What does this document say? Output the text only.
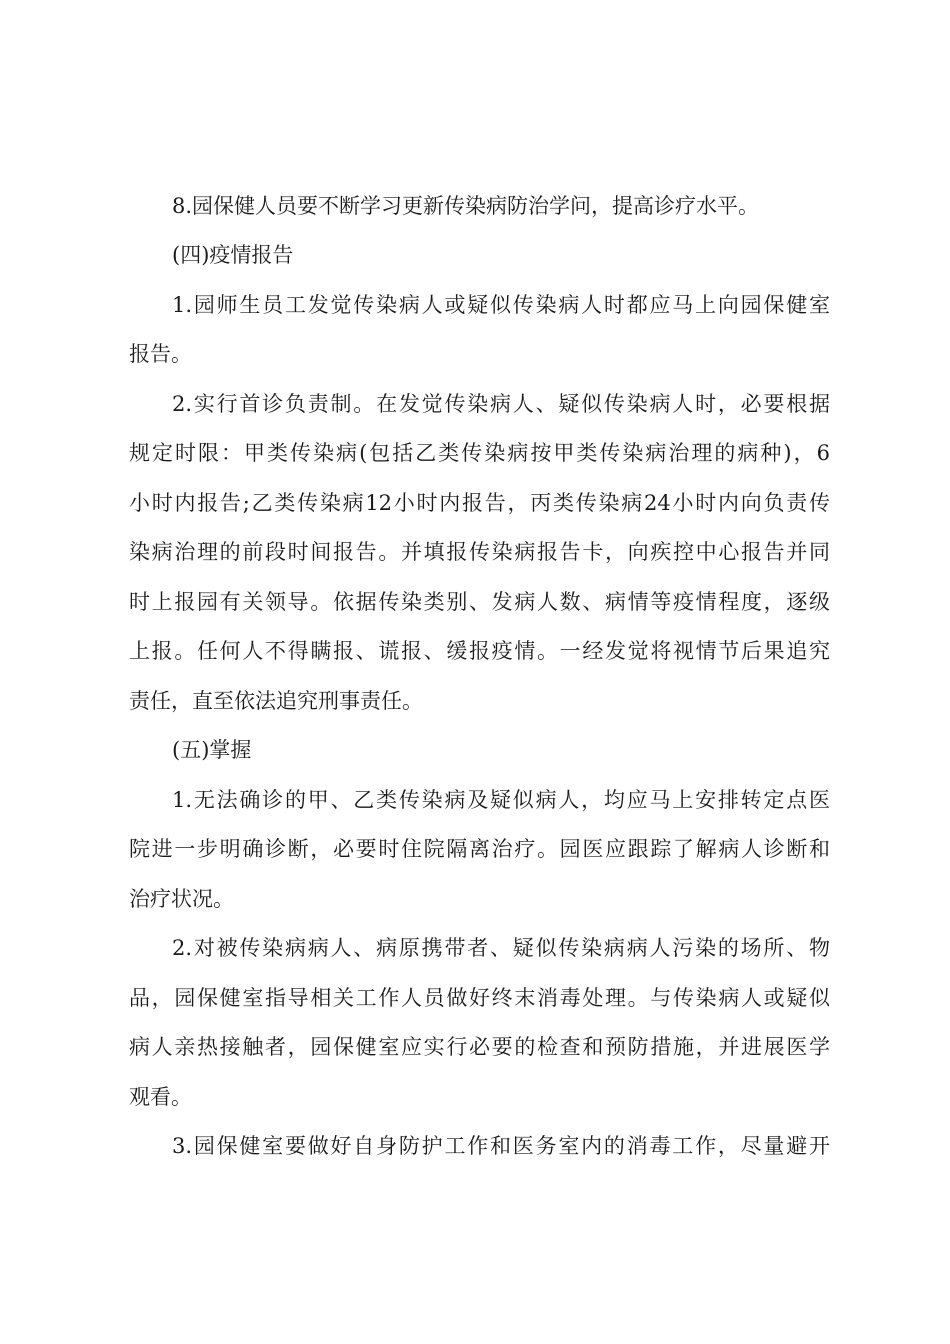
8.园保健人员要不断学习更新传染病防治学问，提高诊疗水平。

(四)疫情报告

1.园师生员工发觉传染病人或疑似传染病人时都应马上向园保健室

报告。

2.实行首诊负责制。在发觉传染病人、疑似传染病人时，必要根据

规定时限：甲类传染病(包括乙类传染病按甲类传染病治理的病种)，6

小时内报告;乙类传染病12小时内报告，丙类传染病24小时内向负责传

染病治理的前段时间报告。并填报传染病报告卡，向疾控中心报告并同

时上报园有关领导。依据传染类别、发病人数、病情等疫情程度，逐级

上报。任何人不得瞒报、谎报、缓报疫情。一经发觉将视情节后果追究

责任，直至依法追究刑事责任。

(五)掌握

1.无法确诊的甲、乙类传染病及疑似病人，均应马上安排转定点医

院进一步明确诊断，必要时住院隔离治疗。园医应跟踪了解病人诊断和

治疗状况。

2.对被传染病病人、病原携带者、疑似传染病病人污染的场所、物

品，园保健室指导相关工作人员做好终末消毒处理。与传染病人或疑似

病人亲热接触者，园保健室应实行必要的检查和预防措施，并进展医学

观看。

3.园保健室要做好自身防护工作和医务室内的消毒工作，尽量避开
